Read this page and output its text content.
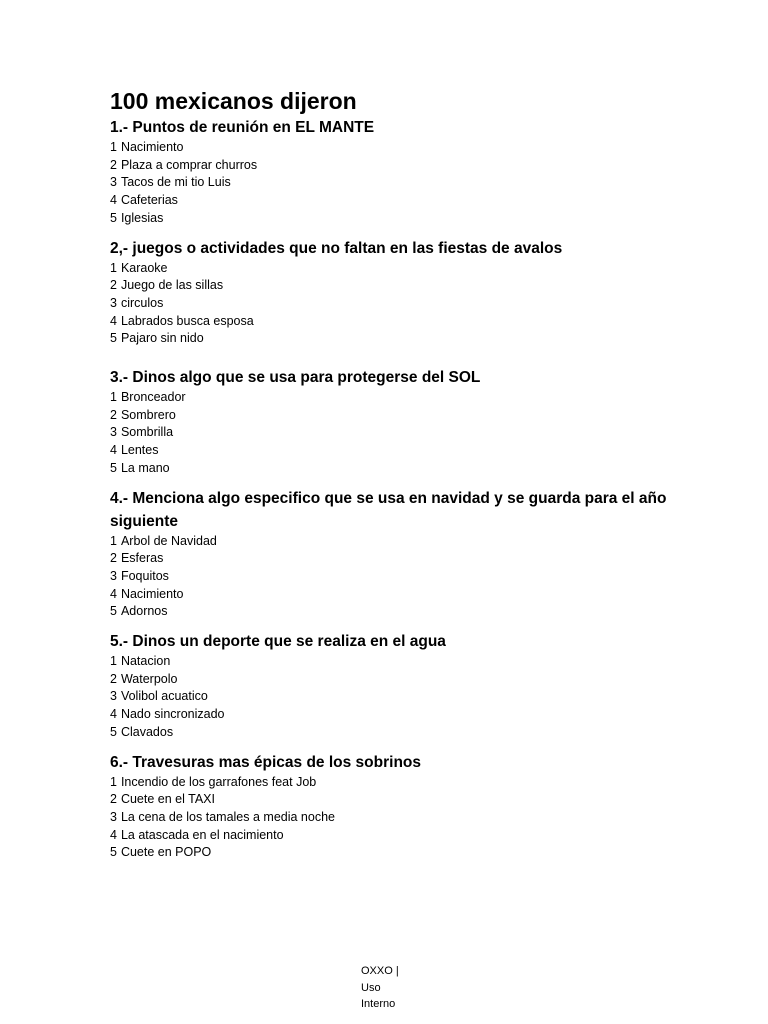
100 mexicanos dijeron
1.- Puntos de reunión en EL MANTE
1 Nacimiento
2 Plaza a comprar churros
3 Tacos de mi tio Luis
4 Cafeterias
5 Iglesias
2,- juegos o actividades que no faltan en las fiestas de avalos
1 Karaoke
2 Juego de las sillas
3 circulos
4 Labrados busca esposa
5 Pajaro sin nido
3.- Dinos algo que se usa para protegerse del SOL
1 Bronceador
2 Sombrero
3 Sombrilla
4 Lentes
5 La mano
4.- Menciona algo especifico que se usa en navidad y se guarda para el año siguiente
1 Arbol de Navidad
2 Esferas
3 Foquitos
4 Nacimiento
5 Adornos
5.- Dinos un deporte que se realiza en el agua
1 Natacion
2 Waterpolo
3 Volibol acuatico
4 Nado sincronizado
5 Clavados
6.- Travesuras mas épicas de los sobrinos
1 Incendio de los garrafones feat Job
2 Cuete en el TAXI
3 La cena de los tamales a media noche
4 La atascada en el nacimiento
5 Cuete en POPO
OXXO |
Uso
Interno
